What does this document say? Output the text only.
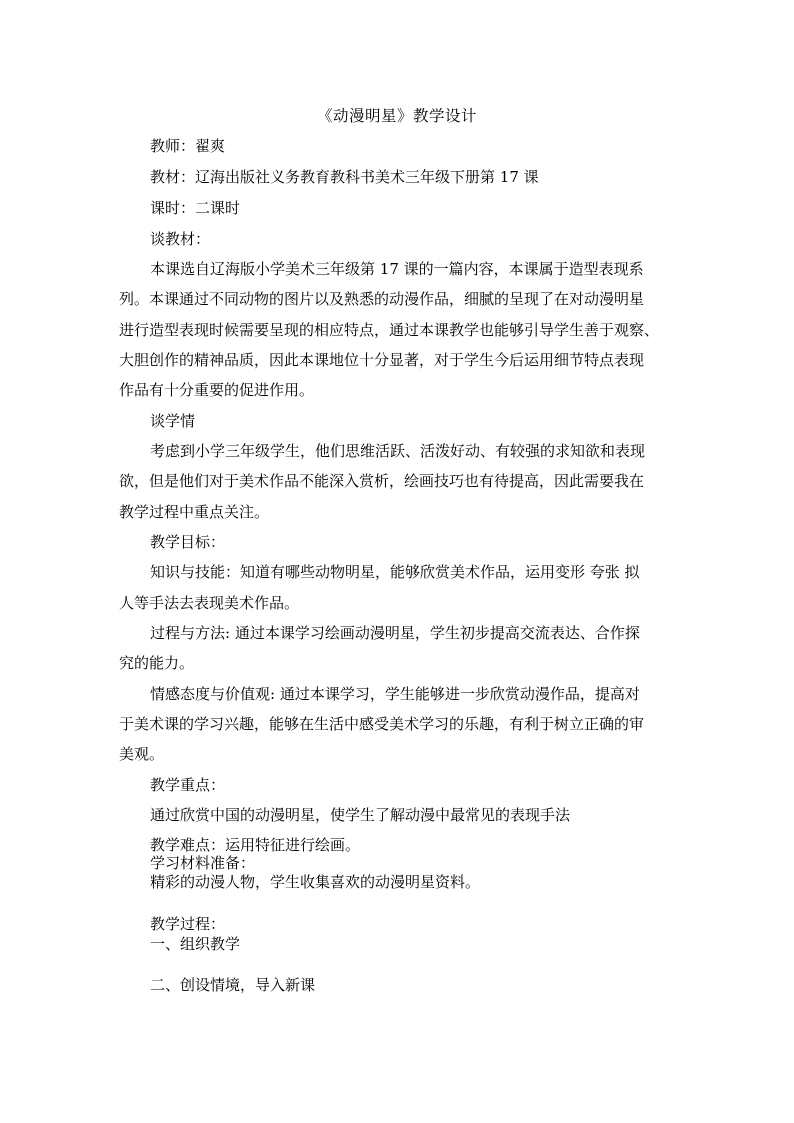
《动漫明星》教学设计
教师：翟爽
教材：辽海出版社义务教育教科书美术三年级下册第 17 课
课时：二课时
谈教材：
本课选自辽海版小学美术三年级第 17 课的一篇内容，本课属于造型表现系
列。本课通过不同动物的图片以及熟悉的动漫作品，细腻的呈现了在对动漫明星
进行造型表现时候需要呈现的相应特点，通过本课教学也能够引导学生善于观察、
大胆创作的精神品质，因此本课地位十分显著，对于学生今后运用细节特点表现
作品有十分重要的促进作用。
谈学情
考虑到小学三年级学生，他们思维活跃、活泼好动、有较强的求知欲和表现
欲，但是他们对于美术作品不能深入赏析，绘画技巧也有待提高，因此需要我在
教学过程中重点关注。
教学目标：
知识与技能：知道有哪些动物明星，能够欣赏美术作品，运用变形 夸张 拟
人等手法去表现美术作品。
过程与方法: 通过本课学习绘画动漫明星，学生初步提高交流表达、合作探
究的能力。
情感态度与价值观: 通过本课学习，学生能够进一步欣赏动漫作品，提高对
于美术课的学习兴趣，能够在生活中感受美术学习的乐趣，有利于树立正确的审
美观。
教学重点：
通过欣赏中国的动漫明星，使学生了解动漫中最常见的表现手法
教学难点：运用特征进行绘画。
学习材料准备：
精彩的动漫人物，学生收集喜欢的动漫明星资料。
教学过程：
一、组织教学
二、创设情境，导入新课
